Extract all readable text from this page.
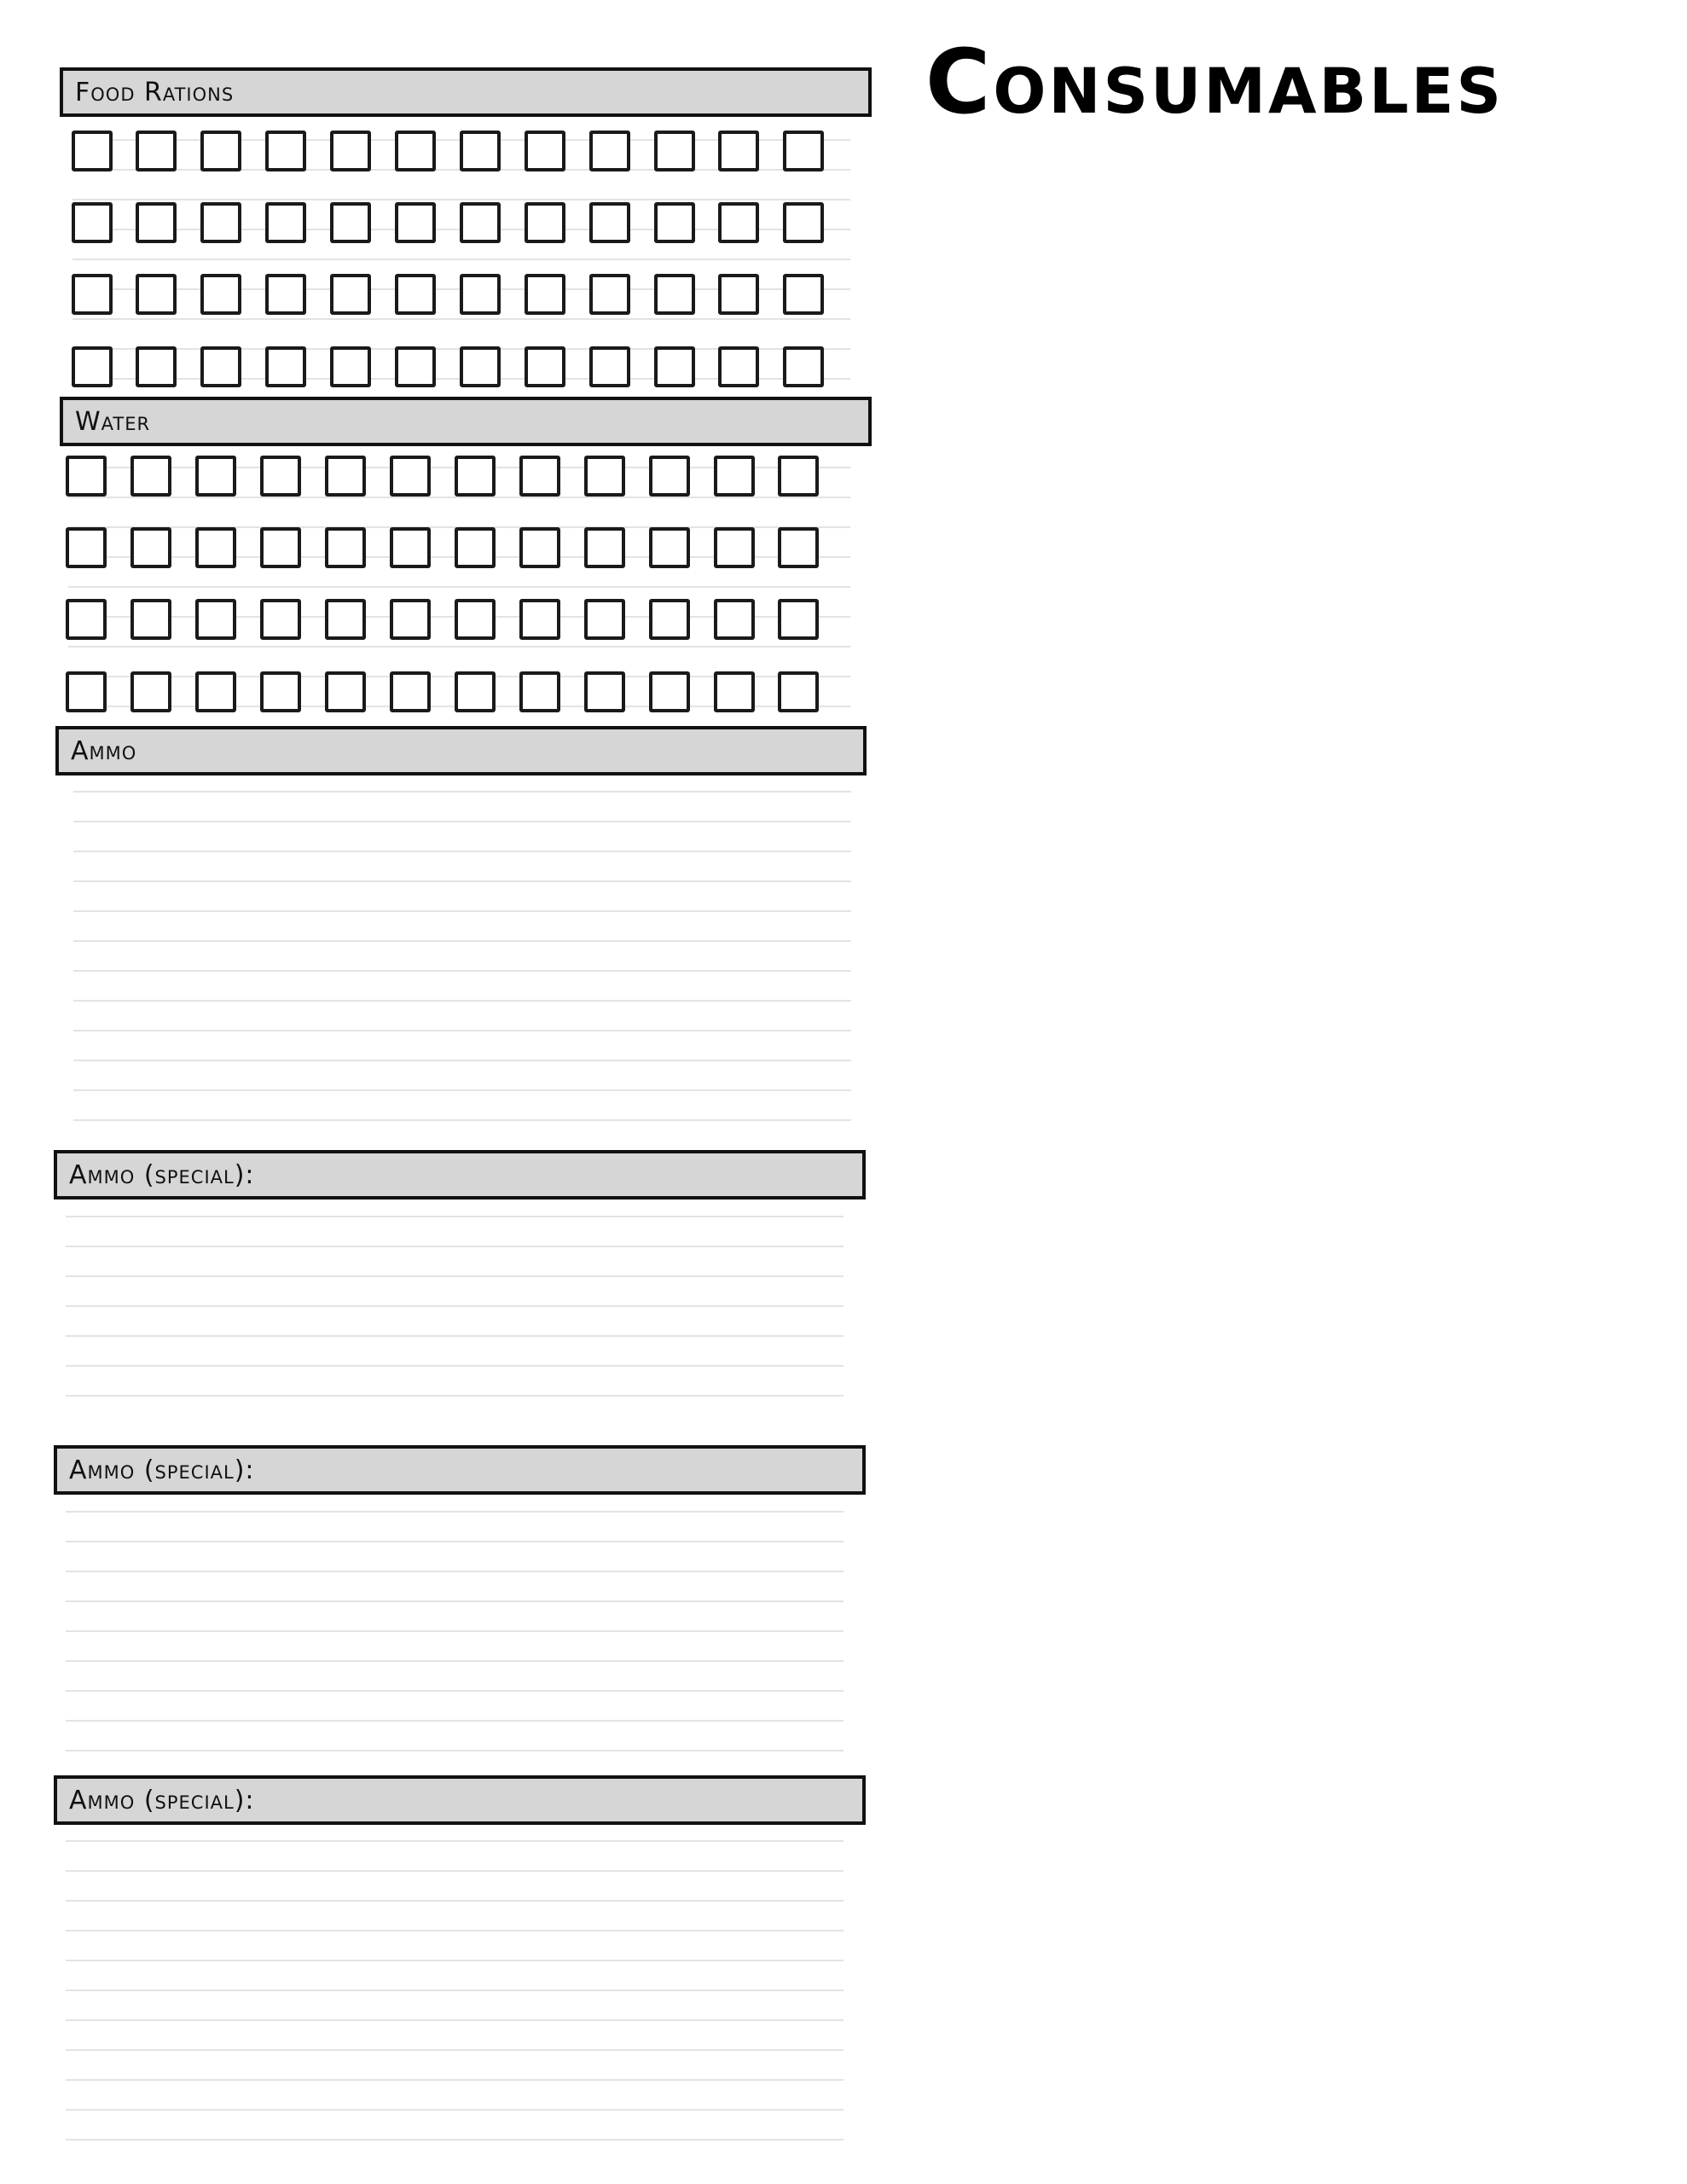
Consumables
Food Rations
Water
Ammo
Ammo (special):
Ammo (special):
Ammo (special):
